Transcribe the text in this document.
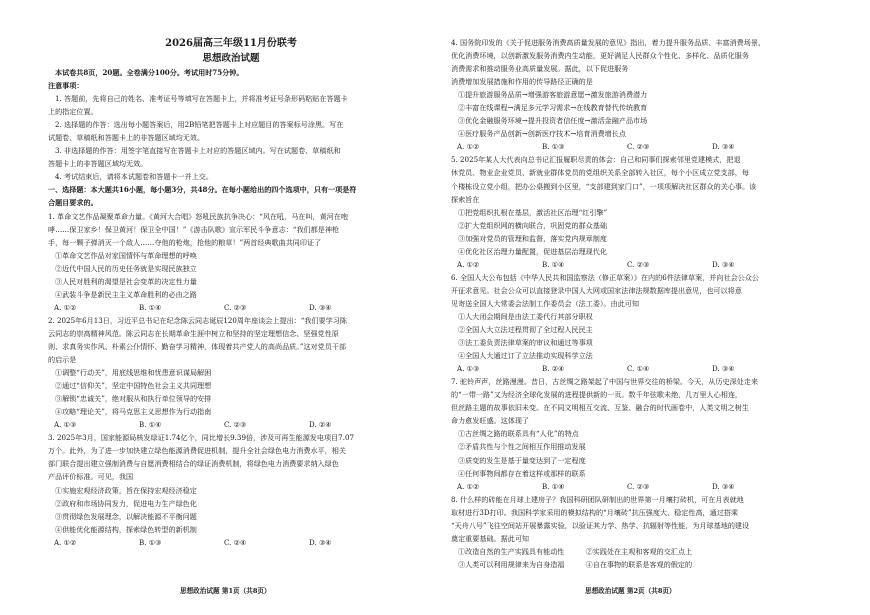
2026届高三年级11月份联考
思想政治试题
本试卷共8页，20题。全卷满分100分。考试用时75分钟。
注意事项：
1. 答题前，先将自己的姓名、准考证号等填写在答题卡上，并将准考证号条形码粘贴在答题卡
上的指定位置。
2. 选择题的作答：选出每小题答案后，用2B铅笔把答题卡上对应题目的答案标号涂黑。写在
试题卷、草稿纸和答题卡上的非答题区域均无效。
3. 非选择题的作答：用签字笔直接写在答题卡上对应的答题区域内。写在试题卷、草稿纸和
答题卡上的非答题区域均无效。
4. 考试结束后，请将本试题卷和答题卡一并上交。
一、选择题：本大题共16小题，每小题3分，共48分。在每小题给出的四个选项中，只有一项是符
合题目要求的。
1. 革命文艺作品凝聚革命力量。《黄河大合唱》怒吼民族抗争决心：“风在吼，马在叫，黄河在咆
哮……保卫家乡！保卫黄河！保卫全中国！”《游击队歌》宣示军民斗争意志：“我们都是神枪
手，每一颗子弹消灭一个敌人……夺他的枪炮，抢他的粮草！”两首经典歌曲共同印证了
①革命文艺作品对家国情怀与革命理想的呼唤
②近代中国人民的历史任务就是实现民族独立
③人民对胜利的渴望是社会变革的决定性力量
④武装斗争是新民主主义革命胜利的必由之路
A. ①②	B. ①④	C. ②③	D. ③④
2. 2025年6月13日，习近平总书记在纪念陈云同志诞辰120周年座谈会上提出：“我们要学习陈
云同志的崇高精神风范。陈云同志在长期革命生涯中树立和坚持的坚定理想信念、坚强党性原
则、求真务实作风、朴素公仆情怀、勤奋学习精神，体现着共产党人的高尚品质。”这对党员干部
的启示是
①调整“行动关”，用底线思维和忧患意识谋局解困
②通过“信仰关”，坚定中国特色社会主义共同理想
③解锁“忠诚关”，绝对服从和执行单位领导的安排
④攻略“理论关”，将马克思主义思想作为行动指南
A. ①③	B. ①④	C. ②③	D. ②④
3. 2025年3月，国家能源局核发绿证1.74亿个，同比增长9.39倍，涉及可再生能源发电项目7.07
万个。此外，为了进一步加快建立绿色能源消费促进机制，提升全社会绿色电力消费水平，相关
部门联合提出建立强制消费与自愿消费相结合的绿证消费机制，将绿色电力消费要求纳入绿色
产品评价标准。可见，我国
①实施宏观经济政策，旨在保持宏观经济稳定
②政府和市场协同发力，促进电力生产绿色化
③贯彻绿色发展理念，以解决能源不平衡问题
④供能优化能源结构，探索绿色转型的新机制
A. ①②	B. ①③	C. ②④	D. ③④
思想政治试题 第1页（共8页）
4. 国务院印发的《关于促进服务消费高质量发展的意见》指出，着力提升服务品质、丰富消费场景、
优化消费环境，以创新激发服务消费内生动能，更好满足人民群众个性化、多样化、品质化服务
消费需求和推动服务业高质量发展。据此，以下促进服务
消费增加发展措施和作用的传导路径正确的是
①提升旅游服务品质→增强游客旅游意愿→激发旅游消费潜力
②丰富在线课程→满足多元学习需求→在线教育替代传统教育
③优化金融服务环境→提升投资者信任度→激活金融产品市场
④医疗服务产品创新→创新医疗技术→培育消费增长点
A. ①②	B. ①③	C. ②③	D. ③④
5. 2025年某人大代表向总书记汇报履职尽责的体会：自己和同事们探索邻里党建模式，把退
休党员、物业企业党员、新就业群体党员的党组织关系全部转入社区，每个小区成立党支部，每
个楼栋设立党小组，把办公桌搬到小区里，“支部建到家门口”，一项项解决社区群众的关心事。该
探索旨在
①把党组织扎根在基层，激活社区治理“红引擎”
②扩大党组织网的横向联合，巩固党的群众基础
③加强对党员的管理和监督，落实党内规章制度
④优化社区治理力量配置，促进基层治理现代化
A. ①②	B. ①④	C. ②③	D. ③④
6. 全国人大公布包括《中华人民共和国监察法（修正草案）》在内的6件法律草案，并向社会公众公
开征求意见。社会公众可以直接登录中国人大网或国家法律法规数据库提出意见，也可以将意
见寄送全国人大常委会法制工作委员会（法工委）。由此可知
①人大闭会期间是由法工委代行其部分职权
②全国人大立法过程贯彻了全过程人民民主
③法工委负责法律草案的审议和通过等事项
④全国人大通过订了立法推动实现科学立法
A. ①③	B. ②④	C. ①④	D. ③④
7. 驼铃声声，丝路漫漫。昔日，古丝绸之路架起了中国与世界交往的桥梁。今天，从历史深处走来
的“一带一路”又为经济全球化发展的进程提供新的一页。数千年弦歌未绝，几万里人心相连，
但丝路主题的故事依旧未变。在不同文明相互交流、互鉴、融合的时代画卷中，人类文明之树生
命力愈发旺盛。这体现了
①古丝绸之路的联系具有“人化”的特点
②矛盾共性与个性之间相互作用推动发展
③质变的发生是基于量变达到了一定程度
④任何事物间都存在着这样或那样的联系
A. ①②	B. ①④	C. ②③	D. ③④
8. 什么样的砖能在月球上建房子？我国科研团队研制出的世界第一月壤打砖机，可在月表就地
取材进行3D打印。我国科学家采用的模拟结构的“月壤砖”抗压强度大、稳定性高，通过搭乘
“天舟八号”飞往空间站开展暴露实验，以验证其力学、热学、抗辐射等性能，为月球基地的建设
奠定重要基础。据此可知
①改造自然的生产实践具有能动性　　　②实践处在主观和客观的交汇点上
③人类可以利用规律来为自身造福　　　④自在事物的联系是客观的假定的
思想政治试题 第2页（共8页）
